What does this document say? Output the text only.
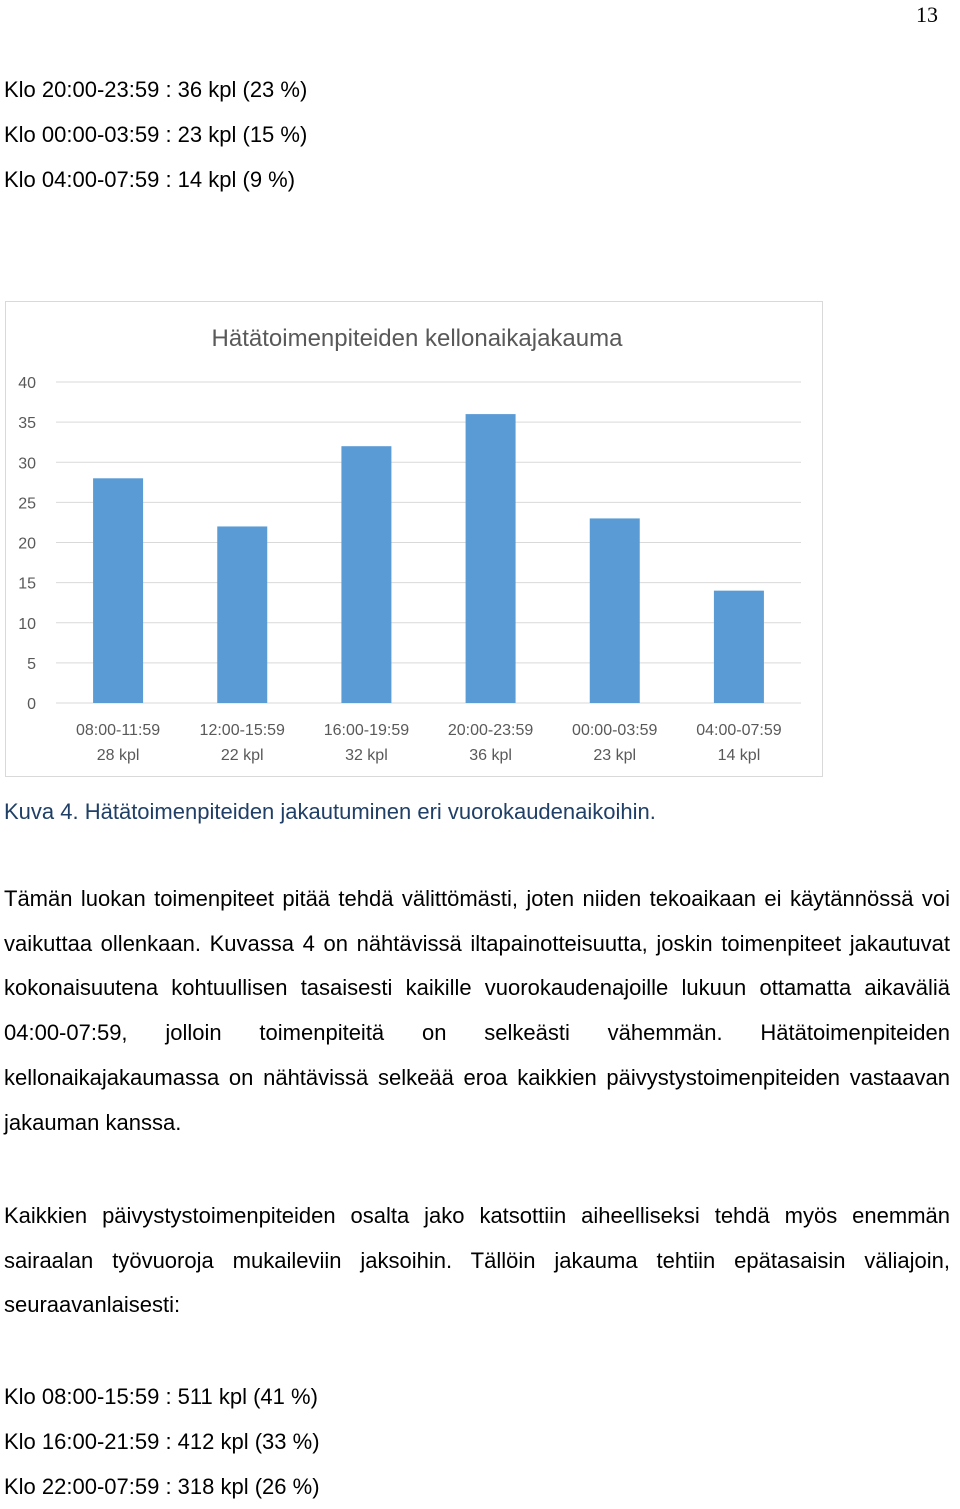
13

Klo 20:00-23:59 : 36 kpl (23 %)

Klo 00:00-03:59 : 23 kpl (15 %)

Klo 04:00-07:59 : 14 kpl (9 %)

Hätätoimenpiteiden kellonaikajakauma
0
5
10
15
20
25
30
35
40
08:00-11:59
28 kpl
12:00-15:59
22 kpl
16:00-19:59
32 kpl
20:00-23:59
36 kpl
00:00-03:59
23 kpl
04:00-07:59
14 kpl

Kuva 4. Hätätoimenpiteiden jakautuminen eri vuorokaudenaikoihin.

Tämän luokan toimenpiteet pitää tehdä välittömästi, joten niiden tekoaikaan ei käytännössä voi vaikuttaa ollenkaan. Kuvassa 4 on nähtävissä iltapainotteisuutta, joskin toimenpiteet jakautuvat kokonaisuutena kohtuullisen tasaisesti kaikille vuorokaudenajoille lukuun ottamatta aikaväliä 04:00-07:59, jolloin toimenpiteitä on selkeästi vähemmän. Hätätoimenpiteiden kellonaikajakaumassa on nähtävissä selkeää eroa kaikkien päivystystoimenpiteiden vastaavan jakauman kanssa.

Kaikkien päivystystoimenpiteiden osalta jako katsottiin aiheelliseksi tehdä myös enemmän sairaalan työvuoroja mukaileviin jaksoihin. Tällöin jakauma tehtiin epätasaisin väliajoin, seuraavanlaisesti:

Klo 08:00-15:59 : 511 kpl (41 %)

Klo 16:00-21:59 : 412 kpl (33 %)

Klo 22:00-07:59 : 318 kpl (26 %)
